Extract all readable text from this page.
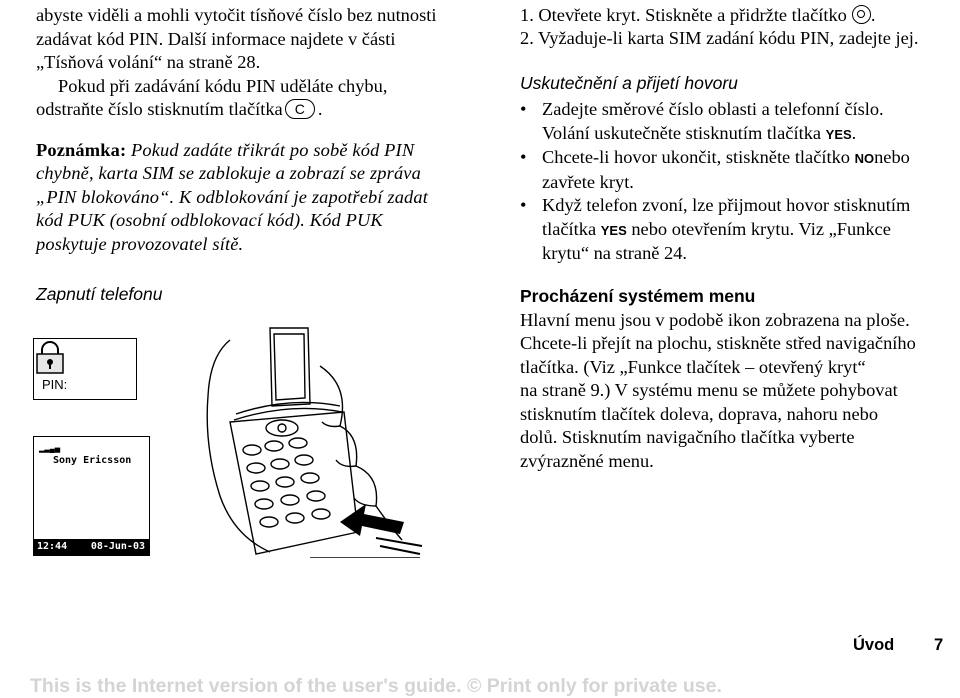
abyste viděli a mohli vytočit tísňové číslo bez nutnosti
zadávat kód PIN. Další informace najdete v části
„Tísňová volání“ na straně 28.
Pokud při zadávání kódu PIN uděláte chybu,
odstraňte číslo stisknutím tlačítka C .

Poznámka: Pokud zadáte třikrát po sobě kód PIN
chybně, karta SIM se zablokuje a zobrazí se zpráva
„PIN blokováno“. K odblokování je zapotřebí zadat
kód PUK (osobní odblokovací kód). Kód PUK
poskytuje provozovatel sítě.

Zapnutí telefonu

PIN:
▂▃▄▅
Sony Ericsson
12:44 08-Jun-03
1. Otevřete kryt. Stiskněte a přidržte tlačítko .
2. Vyžaduje-li karta SIM zadání kódu PIN, zadejte jej.

Uskutečnění a přijetí hovoru

• Zadejte směrové číslo oblasti a telefonní číslo.
Volání uskutečněte stisknutím tlačítka YES.
• Chcete-li hovor ukončit, stiskněte tlačítko NOnebo
zavřete kryt.
• Když telefon zvoní, lze přijmout hovor stisknutím
tlačítka YES nebo otevřením krytu. Viz „Funkce
krytu“ na straně 24.

Procházení systémem menu

Hlavní menu jsou v podobě ikon zobrazena na ploše.
Chcete-li přejít na plochu, stiskněte střed navigačního
tlačítka. (Viz „Funkce tlačítek – otevřený kryt“
na straně 9.) V systému menu se můžete pohybovat
stisknutím tlačítek doleva, doprava, nahoru nebo
dolů. Stisknutím navigačního tlačítka vyberte
zvýrazněné menu.

Úvod 7
This is the Internet version of the user's guide. © Print only for private use.
